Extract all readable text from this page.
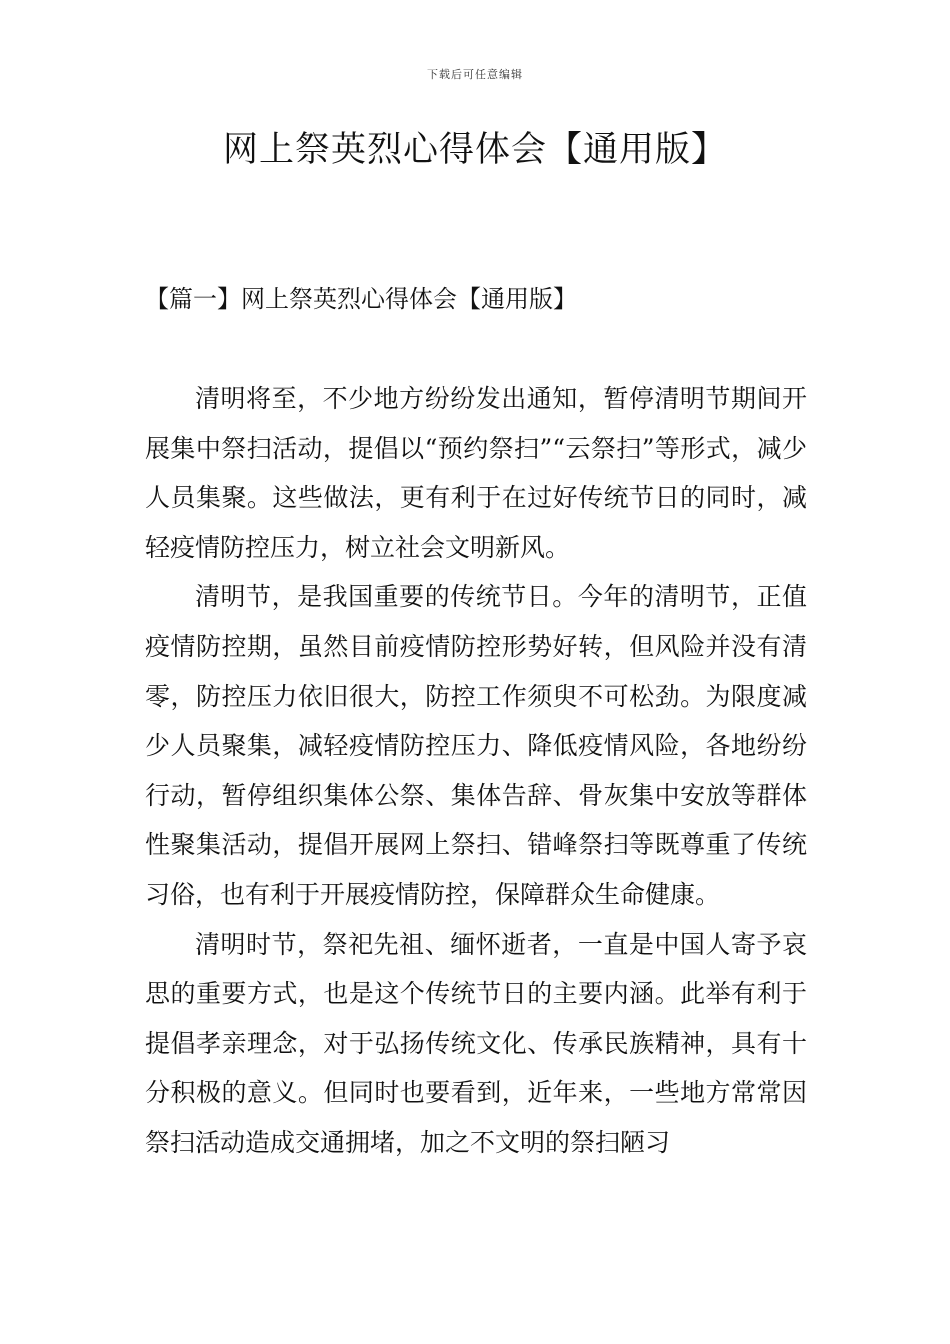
下载后可任意编辑
网上祭英烈心得体会【通用版】
【篇一】网上祭英烈心得体会【通用版】

清明将至，不少地方纷纷发出通知，暂停清明节期间开展集中祭扫活动，提倡以“预约祭扫”“云祭扫”等形式，减少人员集聚。这些做法，更有利于在过好传统节日的同时，减轻疫情防控压力，树立社会文明新风。

清明节，是我国重要的传统节日。今年的清明节，正值疫情防控期，虽然目前疫情防控形势好转，但风险并没有清零，防控压力依旧很大，防控工作须臾不可松劲。为限度减少人员聚集，减轻疫情防控压力、降低疫情风险，各地纷纷行动，暂停组织集体公祭、集体告辞、骨灰集中安放等群体性聚集活动，提倡开展网上祭扫、错峰祭扫等既尊重了传统习俗，也有利于开展疫情防控，保障群众生命健康。

清明时节，祭祀先祖、缅怀逝者，一直是中国人寄予哀思的重要方式，也是这个传统节日的主要内涵。此举有利于提倡孝亲理念，对于弘扬传统文化、传承民族精神，具有十分积极的意义。但同时也要看到，近年来，一些地方常常因祭扫活动造成交通拥堵，加之不文明的祭扫陋习
